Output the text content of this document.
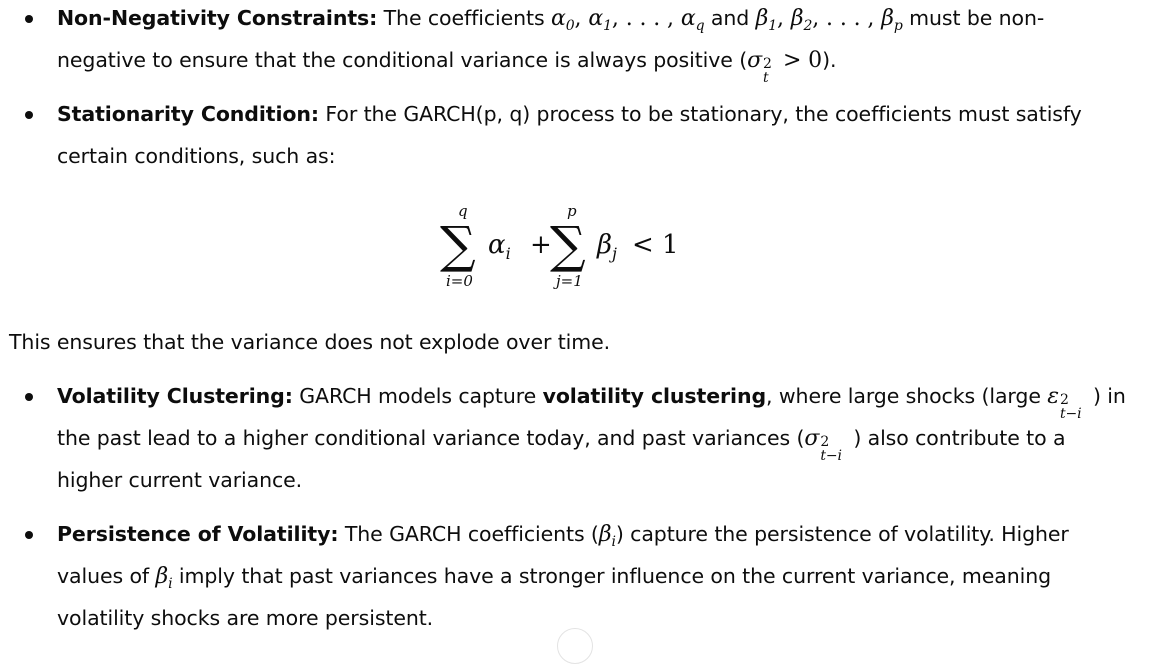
Non-Negativity Constraints: The coefficients $\alpha_0$, $\alpha_1$, . . . , $\alpha_q$ and $\beta_1$, $\beta_2$, . . . , $\beta_p$ must be non-
negative to ensure that the conditional variance is always positive (σ 2
t
> 0).
Stationarity Condition: For the GARCH(p, q) process to be stationary, the coefficients must satisfy
certain conditions, such as:
q
∑
i=0
$\alpha_i$ +
p
∑
j=1
$\beta_j < 1$
This ensures that the variance does not explode over time.
Volatility Clustering: GARCH models capture volatility clustering, where large shocks (large ε 2
t−i
) in
the past lead to a higher conditional variance today, and past variances (σ 2
t−i
) also contribute to a
higher current variance.
Persistence of Volatility: The GARCH coefficients $(\beta_i)$ capture the persistence of volatility. Higher
values of $\beta_i$ imply that past variances have a stronger influence on the current variance, meaning
volatility shocks are more persistent.
